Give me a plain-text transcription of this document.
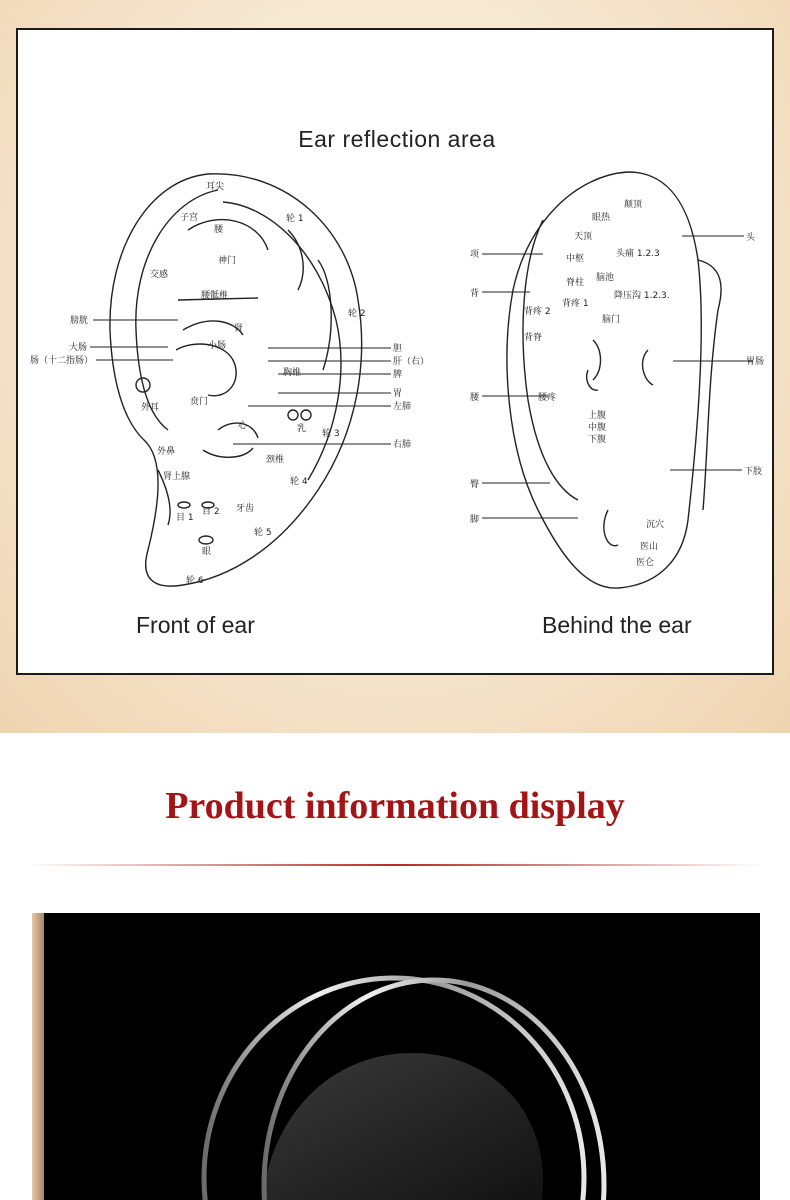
Ear reflection area
耳尖
轮 1
子宫
神门
交感
腰
腰骶椎
轮 2
膀胱
肾
大肠	小肠
肠（十二指肠）
胆
肝（右）
脾
胃
左肺
右肺
胸椎
贲门
心	乳 轮 3
外耳
外鼻
肾上腺
颈椎
轮 4
目 1
目 2 牙齿
眼
轮 5
轮 6
颠顶
眼热
天顶	头
项	中枢	头痛 1.2.3
脑池
降压沟 1.2.3.
脊柱
背
背疼 2
背疼 1
脑门
背脊
胃肠
腰	腰疼
上腹
中腹
下腹
臀
下肢
脚	沉穴
医山
医仑
Front of ear	Behind the ear
Product information display
